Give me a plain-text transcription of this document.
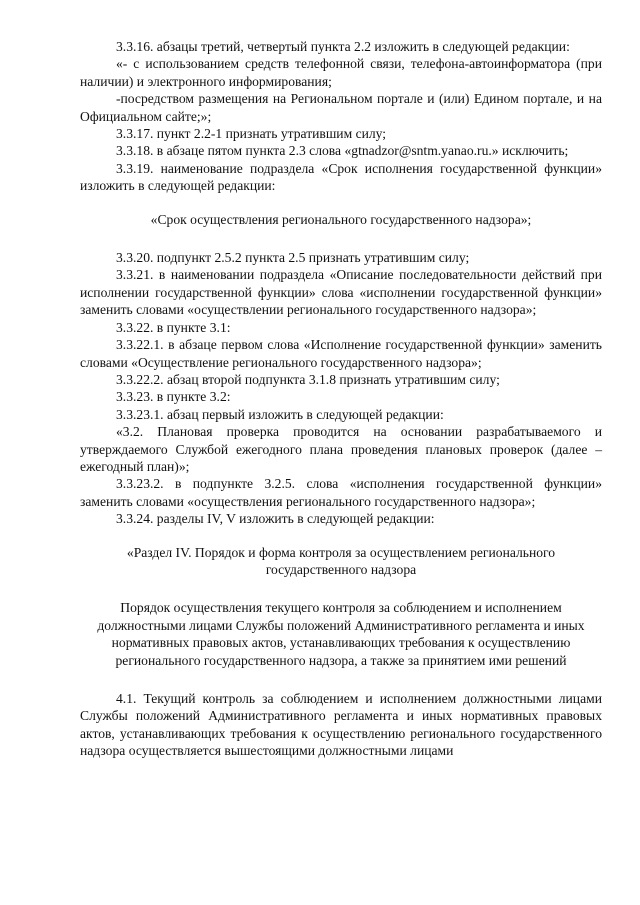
3.3.16. абзацы третий, четвертый пункта 2.2 изложить в следующей редакции:

«- с использованием средств телефонной связи, телефона-автоинформатора (при наличии) и электронного информирования;

-посредством размещения на Региональном портале и (или) Едином портале, и на Официальном сайте;»;

3.3.17. пункт 2.2-1 признать утратившим силу;

3.3.18. в абзаце пятом пункта 2.3 слова «gtnadzor@sntm.yanao.ru.» исключить;

3.3.19. наименование подраздела «Срок исполнения государственной функции» изложить в следующей редакции:

«Срок осуществления регионального государственного надзора»;

3.3.20. подпункт 2.5.2 пункта 2.5 признать утратившим силу;

3.3.21. в наименовании подраздела «Описание последовательности действий при исполнении государственной функции» слова «исполнении государственной функции» заменить словами «осуществлении регионального государственного надзора»;

3.3.22. в пункте 3.1:

3.3.22.1. в абзаце первом слова «Исполнение государственной функции» заменить словами «Осуществление регионального государственного надзора»;

3.3.22.2. абзац второй подпункта 3.1.8 признать утратившим силу;

3.3.23. в пункте 3.2:

3.3.23.1. абзац первый изложить в следующей редакции:

«3.2. Плановая проверка проводится на основании разрабатываемого и утверждаемого Службой ежегодного плана проведения плановых проверок (далее – ежегодный план)»;

3.3.23.2. в подпункте 3.2.5. слова «исполнения государственной функции» заменить словами «осуществления регионального государственного надзора»;

3.3.24. разделы IV, V изложить в следующей редакции:

«Раздел IV. Порядок и форма контроля за осуществлением регионального государственного надзора

Порядок осуществления текущего контроля за соблюдением и исполнением должностными лицами Службы положений Административного регламента и иных нормативных правовых актов, устанавливающих требования к осуществлению регионального государственного надзора, а также за принятием ими решений

4.1. Текущий контроль за соблюдением и исполнением должностными лицами Службы положений Административного регламента и иных нормативных правовых актов, устанавливающих требования к осуществлению регионального государственного надзора осуществляется вышестоящими должностными лицами
